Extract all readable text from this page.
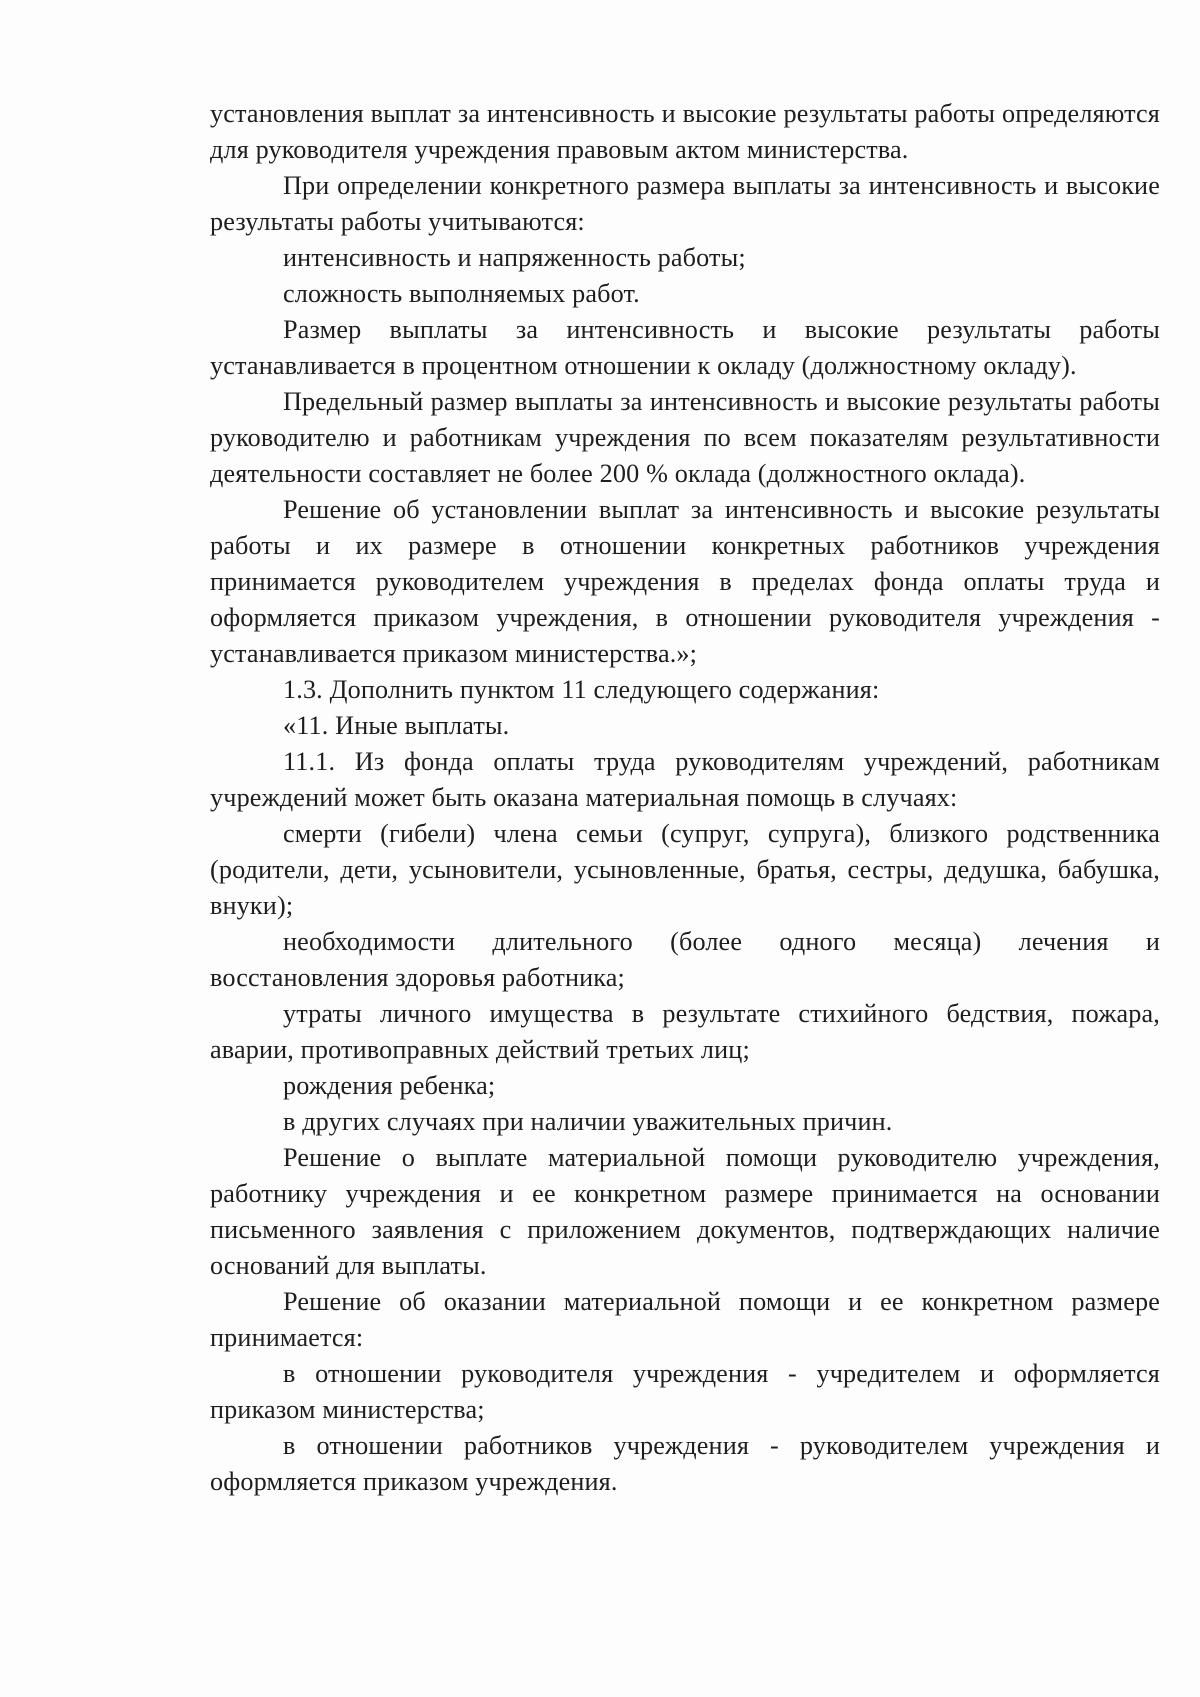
установления выплат за интенсивность и высокие результаты работы определяются для руководителя учреждения правовым актом министерства.

При определении конкретного размера выплаты за интенсивность и высокие результаты работы учитываются:

интенсивность и напряженность работы;

сложность выполняемых работ.

Размер выплаты за интенсивность и высокие результаты работы устанавливается в процентном отношении к окладу (должностному окладу).

Предельный размер выплаты за интенсивность и высокие результаты работы руководителю и работникам учреждения по всем показателям результативности деятельности составляет не более 200 % оклада (должностного оклада).

Решение об установлении выплат за интенсивность и высокие результаты работы и их размере в отношении конкретных работников учреждения принимается руководителем учреждения в пределах фонда оплаты труда и оформляется приказом учреждения, в отношении руководителя учреждения - устанавливается приказом министерства.»;

1.3. Дополнить пунктом 11 следующего содержания:

«11. Иные выплаты.

11.1. Из фонда оплаты труда руководителям учреждений, работникам учреждений может быть оказана материальная помощь в случаях:

смерти (гибели) члена семьи (супруг, супруга), близкого родственника (родители, дети, усыновители, усыновленные, братья, сестры, дедушка, бабушка, внуки);

необходимости длительного (более одного месяца) лечения и восстановления здоровья работника;

утраты личного имущества в результате стихийного бедствия, пожара, аварии, противоправных действий третьих лиц;

рождения ребенка;

в других случаях при наличии уважительных причин.

Решение о выплате материальной помощи руководителю учреждения, работнику учреждения и ее конкретном размере принимается на основании письменного заявления с приложением документов, подтверждающих наличие оснований для выплаты.

Решение об оказании материальной помощи и ее конкретном размере принимается:

в отношении руководителя учреждения - учредителем и оформляется приказом министерства;

в отношении работников учреждения - руководителем учреждения и оформляется приказом учреждения.
